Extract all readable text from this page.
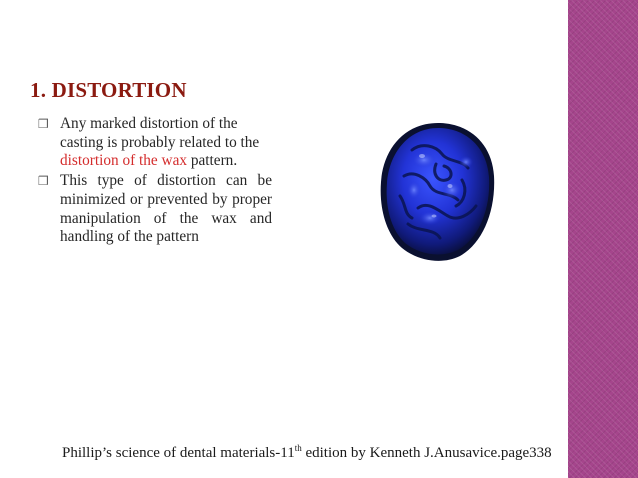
1. DISTORTION
❒ Any marked distortion of the casting is probably related to the distortion of the wax pattern.
❒ This type of distortion can be minimized or prevented by proper manipulation of the wax and handling of the pattern
Phillip’s science of dental materials-11th edition by Kenneth J.Anusavice.page338
